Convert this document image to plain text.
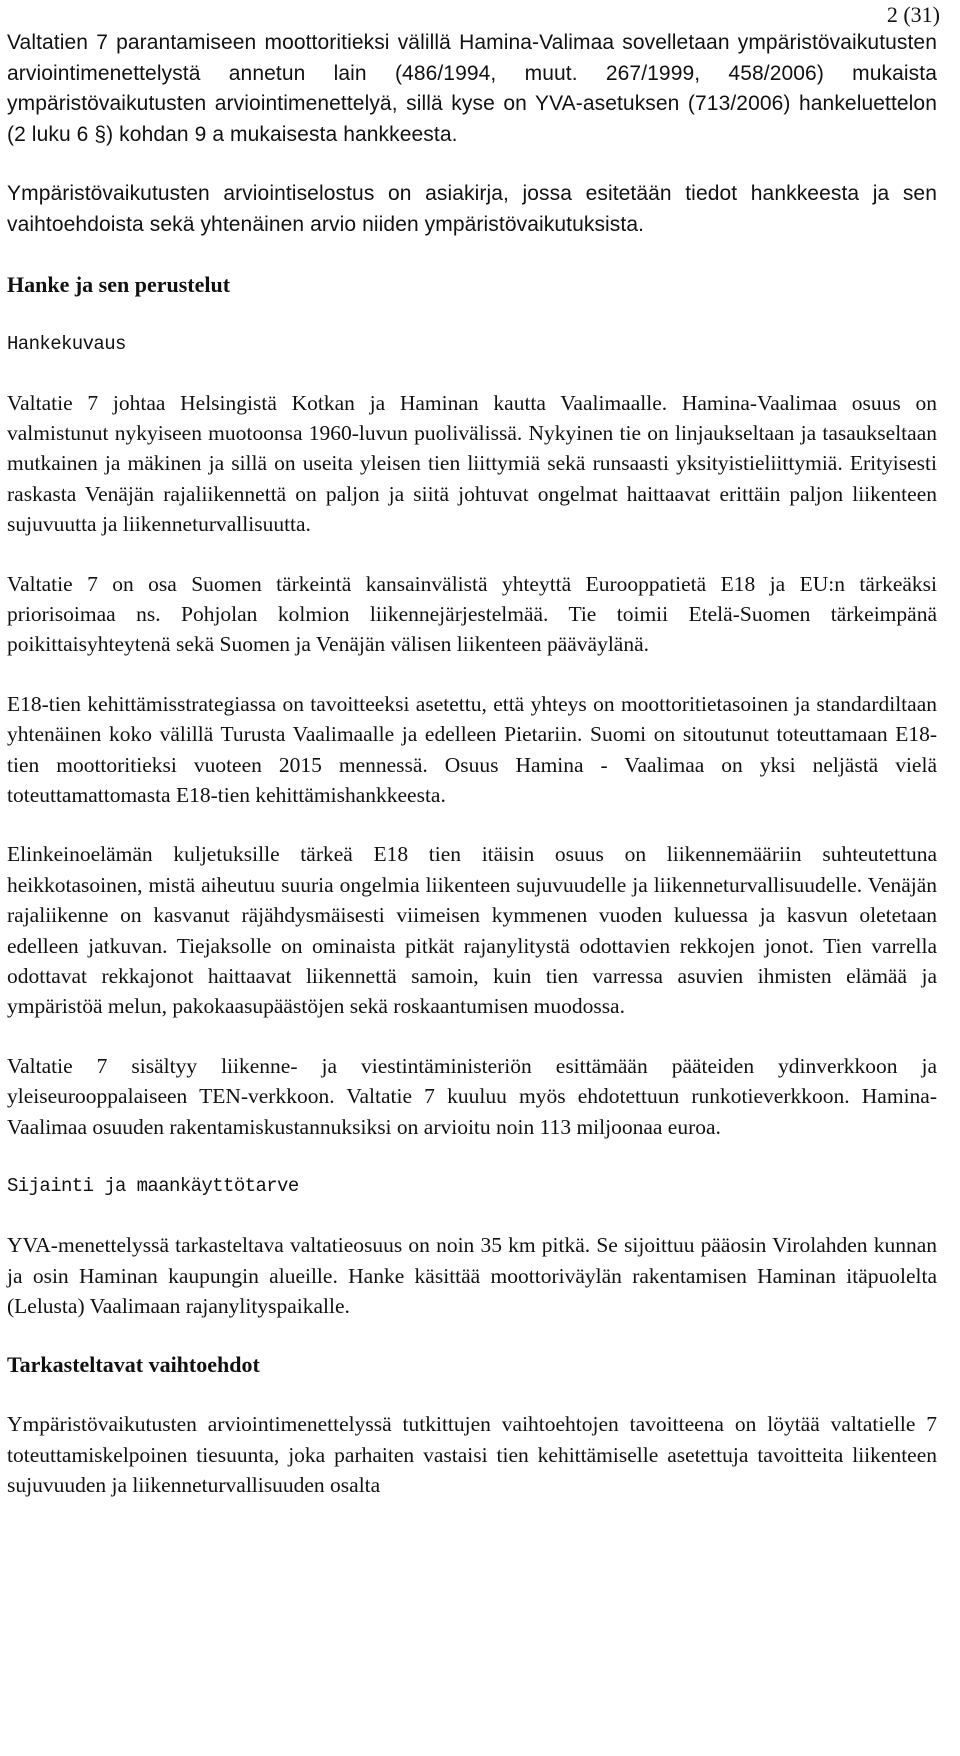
2 (31)

Valtatien 7 parantamiseen moottoritieksi välillä Hamina-Valimaa sovelletaan ympäristövaikutusten arviointimenettelystä annetun lain (486/1994, muut. 267/1999, 458/2006) mukaista ympäristövaikutusten arviointimenettelyä, sillä kyse on YVA-asetuksen (713/2006) hankeluettelon (2 luku 6 §) kohdan 9 a mukaisesta hankkeesta.

Ympäristövaikutusten arviointiselostus on asiakirja, jossa esitetään tiedot hankkeesta ja sen vaihtoehdoista sekä yhtenäinen arvio niiden ympäristövaikutuksista.

Hanke ja sen perustelut
Hankekuvaus

Valtatie 7 johtaa Helsingistä Kotkan ja Haminan kautta Vaalimaalle. Hamina-Vaalimaa osuus on valmistunut nykyiseen muotoonsa 1960-luvun puolivälissä. Nykyinen tie on linjaukseltaan ja tasaukseltaan mutkainen ja mäkinen ja sillä on useita yleisen tien liittymiä sekä runsaasti yksityistieliittymiä. Erityisesti raskasta Venäjän rajaliikennettä on paljon ja siitä johtuvat ongelmat haittaavat erittäin paljon liikenteen sujuvuutta ja liikenneturvallisuutta.

Valtatie 7 on osa Suomen tärkeintä kansainvälistä yhteyttä Eurooppatietä E18 ja EU:n tärkeäksi priorisoimaa ns. Pohjolan kolmion liikennejärjestelmää. Tie toimii Etelä-Suomen tärkeimpänä poikittaisyhteytenä sekä Suomen ja Venäjän välisen liikenteen pääväylänä.

E18-tien kehittämisstrategiassa on tavoitteeksi asetettu, että yhteys on moottoritietasoinen ja standardiltaan yhtenäinen koko välillä Turusta Vaalimaalle ja edelleen Pietariin. Suomi on sitoutunut toteuttamaan E18-tien moottoritieksi vuoteen 2015 mennessä. Osuus Hamina - Vaalimaa on yksi neljästä vielä toteuttamattomasta E18-tien kehittämishankkeesta.

Elinkeinoelämän kuljetuksille tärkeä E18 tien itäisin osuus on liikennemääriin suhteutettuna heikkotasoinen, mistä aiheutuu suuria ongelmia liikenteen sujuvuudelle ja liikenneturvallisuudelle. Venäjän rajaliikenne on kasvanut räjähdysmäisesti viimeisen kymmenen vuoden kuluessa ja kasvun oletetaan edelleen jatkuvan. Tiejaksolle on ominaista pitkät rajanylitystä odottavien rekkojen jonot. Tien varrella odottavat rekkajonot haittaavat liikennettä samoin, kuin tien varressa asuvien ihmisten elämää ja ympäristöä melun, pakokaasupäästöjen sekä roskaantumisen muodossa.

Valtatie 7 sisältyy liikenne- ja viestintäministeriön esittämään pääteiden ydinverkkoon ja yleiseurooppalaiseen TEN-verkkoon. Valtatie 7 kuuluu myös ehdotettuun runkotieverkkoon. Hamina-Vaalimaa osuuden rakentamiskustannuksiksi on arvioitu noin 113 miljoonaa euroa.

Sijainti ja maankäyttötarve

YVA-menettelyssä tarkasteltava valtatieosuus on noin 35 km pitkä. Se sijoittuu pääosin Virolahden kunnan ja osin Haminan kaupungin alueille. Hanke käsittää moottoriväylän rakentamisen Haminan itäpuolelta (Lelusta) Vaalimaan rajanylityspaikalle.

Tarkasteltavat vaihtoehdot

Ympäristövaikutusten arviointimenettelyssä tutkittujen vaihtoehtojen tavoitteena on löytää valtatielle 7 toteuttamiskelpoinen tiesuunta, joka parhaiten vastaisi tien kehittämiselle asetettuja tavoitteita liikenteen sujuvuuden ja liikenneturvallisuuden osalta
